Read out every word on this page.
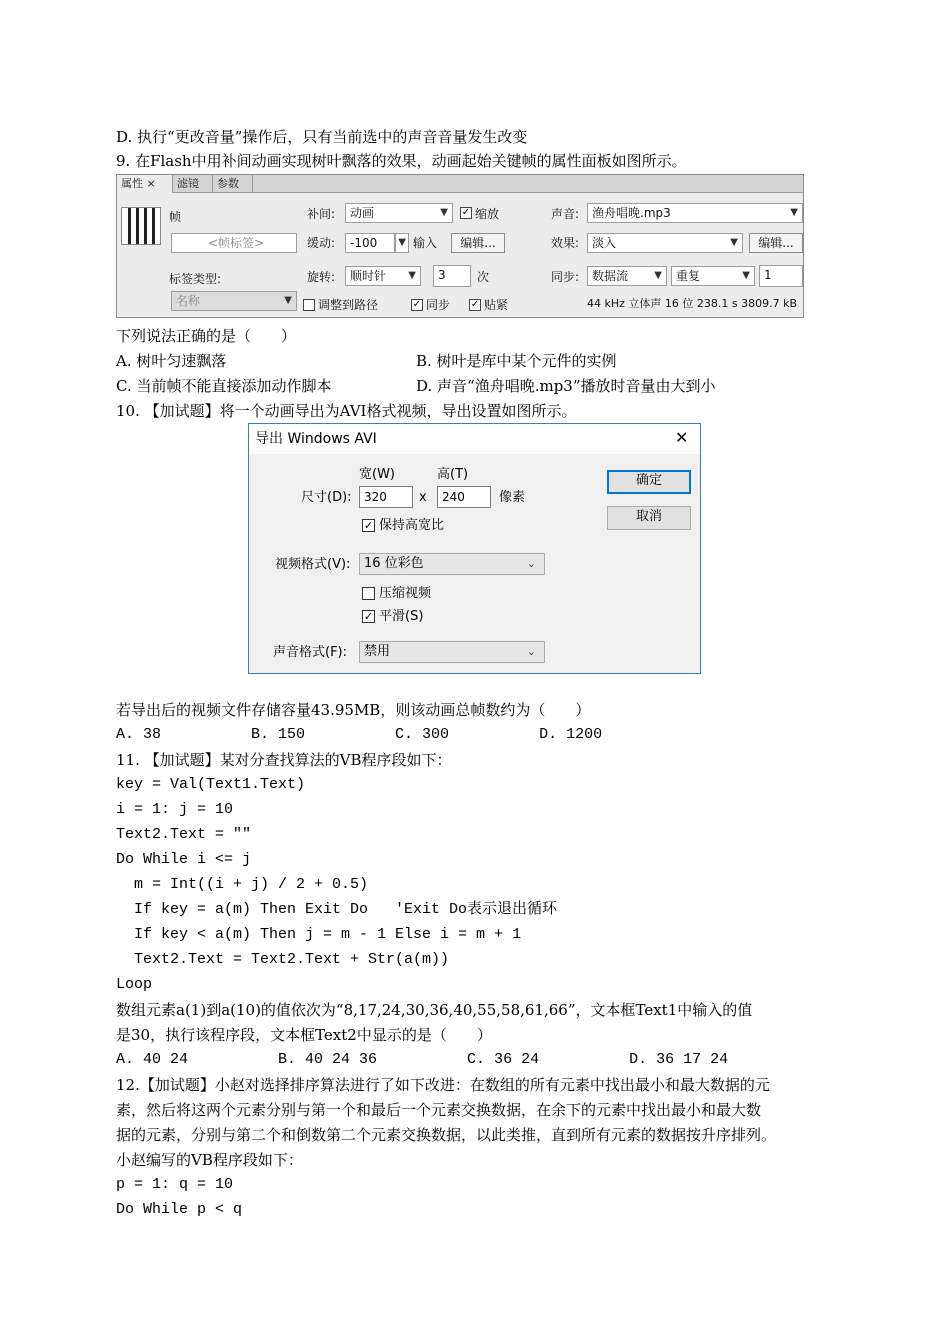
D. 执行“更改音量”操作后，只有当前选中的声音音量发生改变
9. 在Flash中用补间动画实现树叶飘落的效果，动画起始关键帧的属性面板如图所示。
属性 ×	滤镜	参数
帧
<帧标签>
标签类型:
名称	▼
补间:	动画	▼ ✓ 缩放
缓动:	-100	▼ 输入	编辑...
旋转:	顺时针 ▼	3	次
调整到路径	✓ 同步 ✓ 贴紧
声音:	渔舟唱晚.mp3	▼
效果:	淡入	▼	编辑...
同步:	数据流	▼	重复	▼	1
44 kHz 立体声 16 位 238.1 s 3809.7 kB
下列说法正确的是（　　）
A. 树叶匀速飘落	B. 树叶是库中某个元件的实例
C. 当前帧不能直接添加动作脚本	D. 声音“渔舟唱晚.mp3”播放时音量由大到小
10. 【加试题】将一个动画导出为AVI格式视频，导出设置如图所示。
导出 Windows AVI	✕
宽(W)	高(T)
尺寸(D):	320	x	240	像素
✓ 保持高宽比
视频格式(V):	16 位彩色	⌄
压缩视频
✓ 平滑(S)
声音格式(F):	禁用	⌄
确定
取消
若导出后的视频文件存储容量43.95MB，则该动画总帧数约为（　　）
A. 38          B. 150          C. 300          D. 1200
11. 【加试题】某对分查找算法的VB程序段如下：
key = Val(Text1.Text)
i = 1: j = 10
Text2.Text = ""
Do While i <= j
m = Int((i + j) / 2 + 0.5)
If key = a(m) Then Exit Do   'Exit Do表示退出循环
If key < a(m) Then j = m - 1 Else i = m + 1
Text2.Text = Text2.Text + Str(a(m))
Loop
数组元素a(1)到a(10)的值依次为“8,17,24,30,36,40,55,58,61,66”，文本框Text1中输入的值
是30，执行该程序段，文本框Text2中显示的是（　　）
A. 40 24          B. 40 24 36          C. 36 24          D. 36 17 24
12.【加试题】小赵对选择排序算法进行了如下改进：在数组的所有元素中找出最小和最大数据的元
素，然后将这两个元素分别与第一个和最后一个元素交换数据，在余下的元素中找出最小和最大数
据的元素，分别与第二个和倒数第二个元素交换数据，以此类推，直到所有元素的数据按升序排列。
小赵编写的VB程序段如下：
p = 1: q = 10
Do While p < q
